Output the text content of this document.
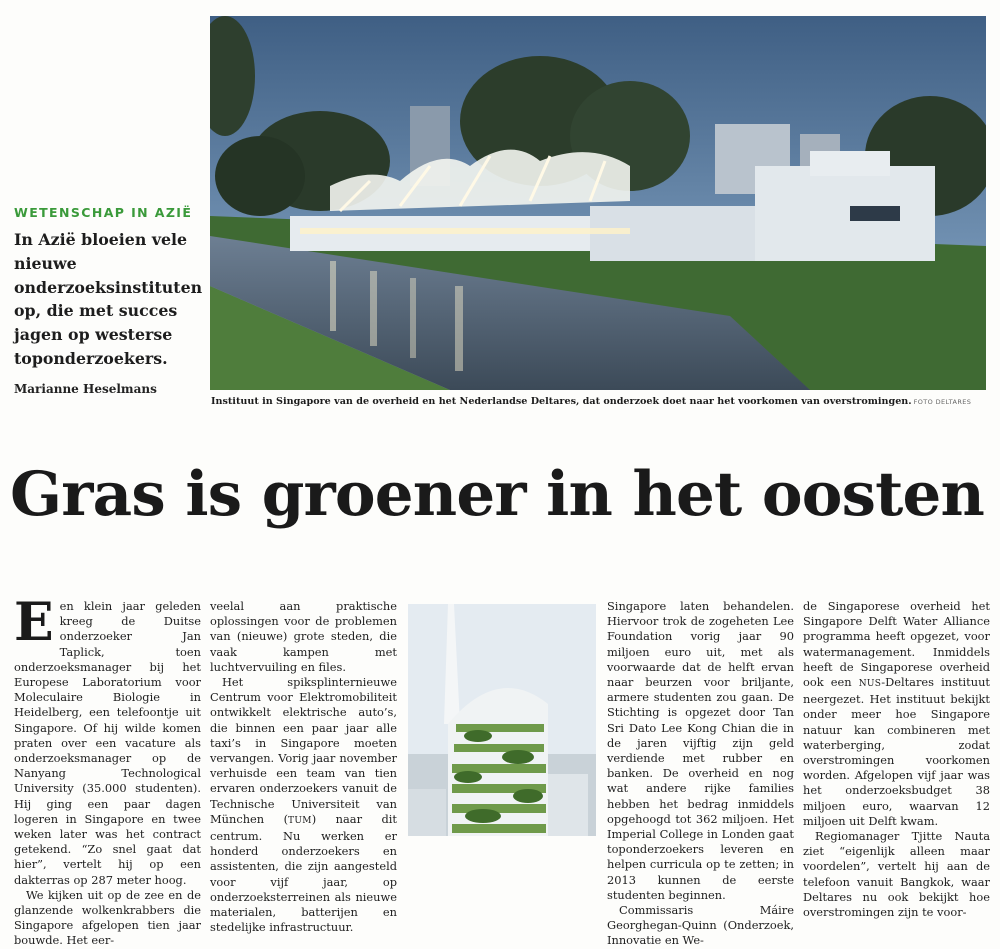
WETENSCHAP IN AZIË
In Azië bloeien vele nieuwe onderzoeksinstituten op, die met succes jagen op westerse toponderzoekers.
Marianne Heselmans
Instituut in Singapore van de overheid en het Nederlandse Deltares, dat onderzoek doet naar het voorkomen van overstromingen. FOTO DELTARES
Gras is groener in het oosten

Een klein jaar geleden kreeg de Duitse onderzoeker Jan Taplick, toen onderzoeksmanager bij het Europese Laboratorium voor Moleculaire Biologie in Heidelberg, een telefoontje uit Singapore. Of hij wilde komen praten over een vacature als onderzoeksmanager op de Nanyang Technological University (35.000 studenten). Hij ging een paar dagen logeren in Singapore en twee weken later was het contract getekend. “Zo snel gaat dat hier”, vertelt hij op een dakterras op 287 meter hoog.

We kijken uit op de zee en de glanzende wolkenkrabbers die Singapore afgelopen tien jaar bouwde. Het eer-

veelal aan praktische oplossingen voor de problemen van (nieuwe) grote steden, die vaak kampen met luchtvervuiling en files.

Het spiksplinternieuwe Centrum voor Elektromobiliteit ontwikkelt elektrische auto’s, die binnen een paar jaar alle taxi’s in Singapore moeten vervangen. Vorig jaar november verhuisde een team van tien ervaren onderzoekers vanuit de Technische Universiteit van München (TUM) naar dit centrum. Nu werken er honderd onderzoekers en assistenten, die zijn aangesteld voor vijf jaar, op onderzoeksterreinen als nieuwe materialen, batterijen en stedelijke infrastructuur.

Singapore laten behandelen. Hiervoor trok de zogeheten Lee Foundation vorig jaar 90 miljoen euro uit, met als voorwaarde dat de helft ervan naar beurzen voor briljante, armere studenten zou gaan. De Stichting is opgezet door Tan Sri Dato Lee Kong Chian die in de jaren vijftig zijn geld verdiende met rubber en banken. De overheid en nog wat andere rijke families hebben het bedrag inmiddels opgehoogd tot 362 miljoen. Het Imperial College in Londen gaat toponderzoekers leveren en helpen curricula op te zetten; in 2013 kunnen de eerste studenten beginnen.

Commissaris Máire Georghegan-Quinn (Onderzoek, Innovatie en We-

de Singaporese overheid het Singapore Delft Water Alliance programma heeft opgezet, voor watermanagement. Inmiddels heeft de Singaporese overheid ook een NUS-Deltares instituut neergezet. Het instituut bekijkt onder meer hoe Singapore natuur kan combineren met waterberging, zodat overstromingen voorkomen worden. Afgelopen vijf jaar was het onderzoeksbudget 38 miljoen euro, waarvan 12 miljoen uit Delft kwam.

Regiomanager Tjitte Nauta ziet “eigenlijk alleen maar voordelen”, vertelt hij aan de telefoon vanuit Bangkok, waar Deltares nu ook bekijkt hoe overstromingen zijn te voor-
